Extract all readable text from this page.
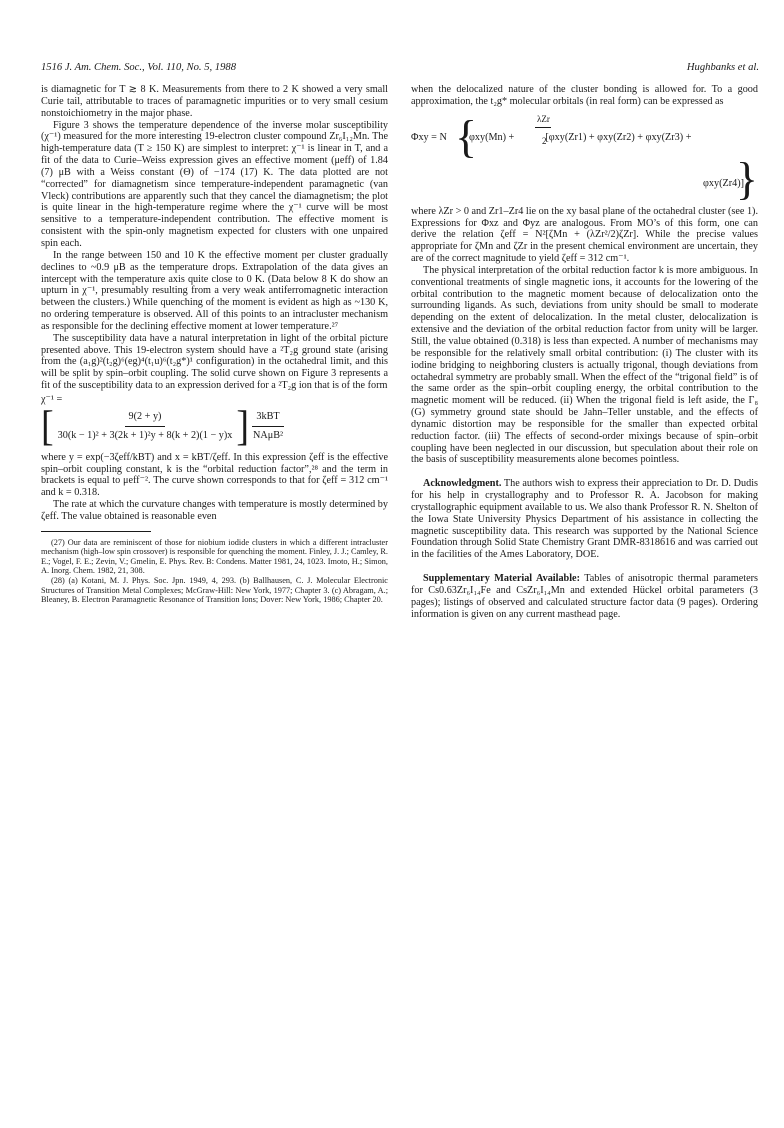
1516 J. Am. Chem. Soc., Vol. 110, No. 5, 1988	Hughbanks et al.

is diamagnetic for T ≳ 8 K. Measurements from there to 2 K showed a very small Curie tail, attributable to traces of paramagnetic impurities or to very small cesium nonstoichiometry in the major phase.

Figure 3 shows the temperature dependence of the inverse molar susceptibility (χ⁻¹) measured for the more interesting 19-electron cluster compound Zr₆I₁₂Mn. The high-temperature data (T ≥ 150 K) are simplest to interpret: χ⁻¹ is linear in T, and a fit of the data to Curie–Weiss expression gives an effective moment (μeff) of 1.84 (7) μB with a Weiss constant (Θ) of −174 (17) K. The data plotted are not “corrected” for diamagnetism since temperature-independent paramagnetic (van Vleck) contributions are apparently such that they cancel the diamagnetism; the plot is quite linear in the high-temperature regime where the χ⁻¹ curve will be most sensitive to a temperature-independent contribution. The effective moment is consistent with the spin-only magnetism expected for clusters with one unpaired spin each.

In the range between 150 and 10 K the effective moment per cluster gradually declines to ~0.9 μB as the temperature drops. Extrapolation of the data gives an intercept with the temperature axis quite close to 0 K. (Data below 8 K do show an upturn in χ⁻¹, presumably resulting from a very weak antiferromagnetic interaction between the clusters.) While quenching of the moment is evident as high as ~130 K, no ordering temperature is observed. All of this points to an intracluster mechanism as responsible for the declining effective moment at lower temperature.²⁷

The susceptibility data have a natural interpretation in light of the orbital picture presented above. This 19-electron system should have a ²T₂g ground state (arising from the (a₁g)²(t₂g)⁶(eg)⁴(t₁u)⁶(t₂g*)¹ configuration) in the octahedral limit, and this will be split by spin–orbit coupling. The solid curve shown on Figure 3 represents a fit of the susceptibility data to an expression derived for a ²T₂g ion that is of the form

χ⁻¹ =
[ $\frac{9(2 + y)}{\text{30(k − 1)² + 3(2k + 1)²y + 8(k + 2)(1 − y)x}}$ ] $\frac{\text{3kBT}}{\text{NAμB²}}$

where y = exp(−3ζeff/kBT) and x = kBT/ζeff. In this expression ζeff is the effective spin–orbit coupling constant, k is the “orbital reduction factor”,²⁸ and the term in brackets is equal to μeff⁻². The curve shown corresponds to that for ζeff = 312 cm⁻¹ and k = 0.318.

The rate at which the curvature changes with temperature is mostly determined by ζeff. The value obtained is reasonable even

(27) Our data are reminiscent of those for niobium iodide clusters in which a different intracluster mechanism (high–low spin crossover) is responsible for quenching the moment. Finley, J. J.; Camley, R. E.; Vogel, F. E.; Zevin, V.; Gmelin, E. Phys. Rev. B: Condens. Matter 1981, 24, 1023. Imoto, H.; Simon, A. Inorg. Chem. 1982, 21, 308.

(28) (a) Kotani, M. J. Phys. Soc. Jpn. 1949, 4, 293. (b) Ballhausen, C. J. Molecular Electronic Structures of Transition Metal Complexes; McGraw-Hill: New York, 1977; Chapter 3. (c) Abragam, A.; Bleaney, B. Electron Paramagnetic Resonance of Transition Ions; Dover: New York, 1986; Chapter 20.

when the delocalized nature of the cluster bonding is allowed for. To a good approximation, the t₂g* molecular orbitals (in real form) can be expressed as

Φxy = N {
φxy(Mn) +	[φxy(Zr1) + φxy(Zr2) + φxy(Zr3) +
λZr
2
φxy(Zr4)]
}

where λZr > 0 and Zr1–Zr4 lie on the xy basal plane of the octahedral cluster (see 1). Expressions for Φxz and Φyz are analogous. From MO’s of this form, one can derive the relation ζeff = N²[ζMn + (λZr²/2)ζZr]. While the precise values appropriate for ζMn and ζZr in the present chemical environment are uncertain, they are of the correct magnitude to yield ζeff = 312 cm⁻¹.

The physical interpretation of the orbital reduction factor k is more ambiguous. In conventional treatments of single magnetic ions, it accounts for the lowering of the orbital contribution to the magnetic moment because of delocalization onto the surrounding ligands. As such, deviations from unity should be small to moderate depending on the extent of delocalization. In the metal cluster, delocalization is extensive and the deviation of the orbital reduction factor from unity will be larger. Still, the value obtained (0.318) is less than expected. A number of mechanisms may be responsible for the relatively small orbital contribution: (i) The cluster with its iodine bridging to neighboring clusters is actually trigonal, though deviations from octahedral symmetry are probably small. When the effect of the “trigonal field” is of the same order as the spin–orbit coupling energy, the orbital contribution to the magnetic moment will be reduced. (ii) When the trigonal field is left aside, the Γ₈ (G) symmetry ground state should be Jahn–Teller unstable, and the effects of dynamic distortion may be responsible for the smaller than expected orbital reduction factor. (iii) The effects of second-order mixings because of spin–orbit coupling have been neglected in our discussion, but speculation about their role on the basis of susceptibility measurements alone becomes pointless.

Acknowledgment. The authors wish to express their appreciation to Dr. D. Dudis for his help in crystallography and to Professor R. A. Jacobson for making crystallographic equipment available to us. We also thank Professor R. N. Shelton of the Iowa State University Physics Department of his assistance in collecting the magnetic susceptibility data. This research was supported by the National Science Foundation through Solid State Chemistry Grant DMR-8318616 and was carried out in the facilities of the Ames Laboratory, DOE.

Supplementary Material Available: Tables of anisotropic thermal parameters for Cs0.63Zr₆I₁₄Fe and CsZr₆I₁₄Mn and extended Hückel orbital parameters (3 pages); listings of observed and calculated structure factor data (9 pages). Ordering information is given on any current masthead page.
